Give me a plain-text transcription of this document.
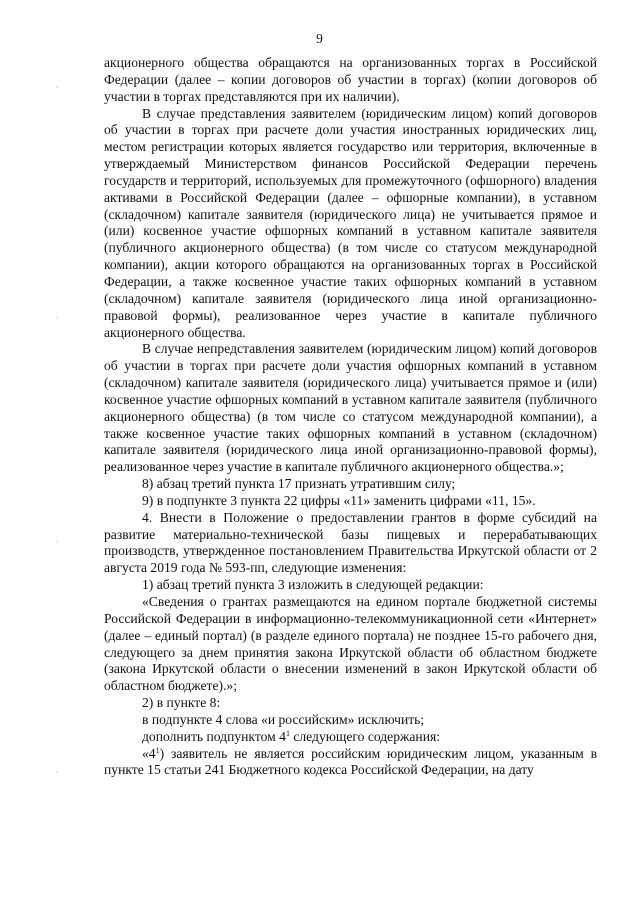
9
`
`
`
`

акционерного общества обращаются на организованных торгах в Российской Федерации (далее – копии договоров об участии в торгах) (копии договоров об участии в торгах представляются при их наличии).

В случае представления заявителем (юридическим лицом) копий договоров об участии в торгах при расчете доли участия иностранных юридических лиц, местом регистрации которых является государство или территория, включенные в утверждаемый Министерством финансов Российской Федерации перечень государств и территорий, используемых для промежуточного (офшорного) владения активами в Российской Федерации (далее – офшорные компании), в уставном (складочном) капитале заявителя (юридического лица) не учитывается прямое и (или) косвенное участие офшорных компаний в уставном капитале заявителя (публичного акционерного общества) (в том числе со статусом международной компании), акции которого обращаются на организованных торгах в Российской Федерации, а также косвенное участие таких офшорных компаний в уставном (складочном) капитале заявителя (юридического лица иной организационно-правовой формы), реализованное через участие в капитале публичного акционерного общества.

В случае непредставления заявителем (юридическим лицом) копий договоров об участии в торгах при расчете доли участия офшорных компаний в уставном (складочном) капитале заявителя (юридического лица) учитывается прямое и (или) косвенное участие офшорных компаний в уставном капитале заявителя (публичного акционерного общества) (в том числе со статусом международной компании), а также косвенное участие таких офшорных компаний в уставном (складочном) капитале заявителя (юридического лица иной организационно-правовой формы), реализованное через участие в капитале публичного акционерного общества.»;

8) абзац третий пункта 17 признать утратившим силу;

9) в подпункте 3 пункта 22 цифры «11» заменить цифрами «11, 15».

4. Внести в Положение о предоставлении грантов в форме субсидий на развитие материально-технической базы пищевых и перерабатывающих производств, утвержденное постановлением Правительства Иркутской области от 2 августа 2019 года № 593-пп, следующие изменения:

1) абзац третий пункта 3 изложить в следующей редакции:

«Сведения о грантах размещаются на едином портале бюджетной системы Российской Федерации в информационно-телекоммуникационной сети «Интернет» (далее – единый портал) (в разделе единого портала) не позднее 15-го рабочего дня, следующего за днем принятия закона Иркутской области об областном бюджете (закона Иркутской области о внесении изменений в закон Иркутской области об областном бюджете).»;

2) в пункте 8:

в подпункте 4 слова «и российским» исключить;

дополнить подпунктом $4^1$ следующего содержания:

«$4^1$) заявитель не является российским юридическим лицом, указанным в пункте 15 статьи 241 Бюджетного кодекса Российской Федерации, на дату
